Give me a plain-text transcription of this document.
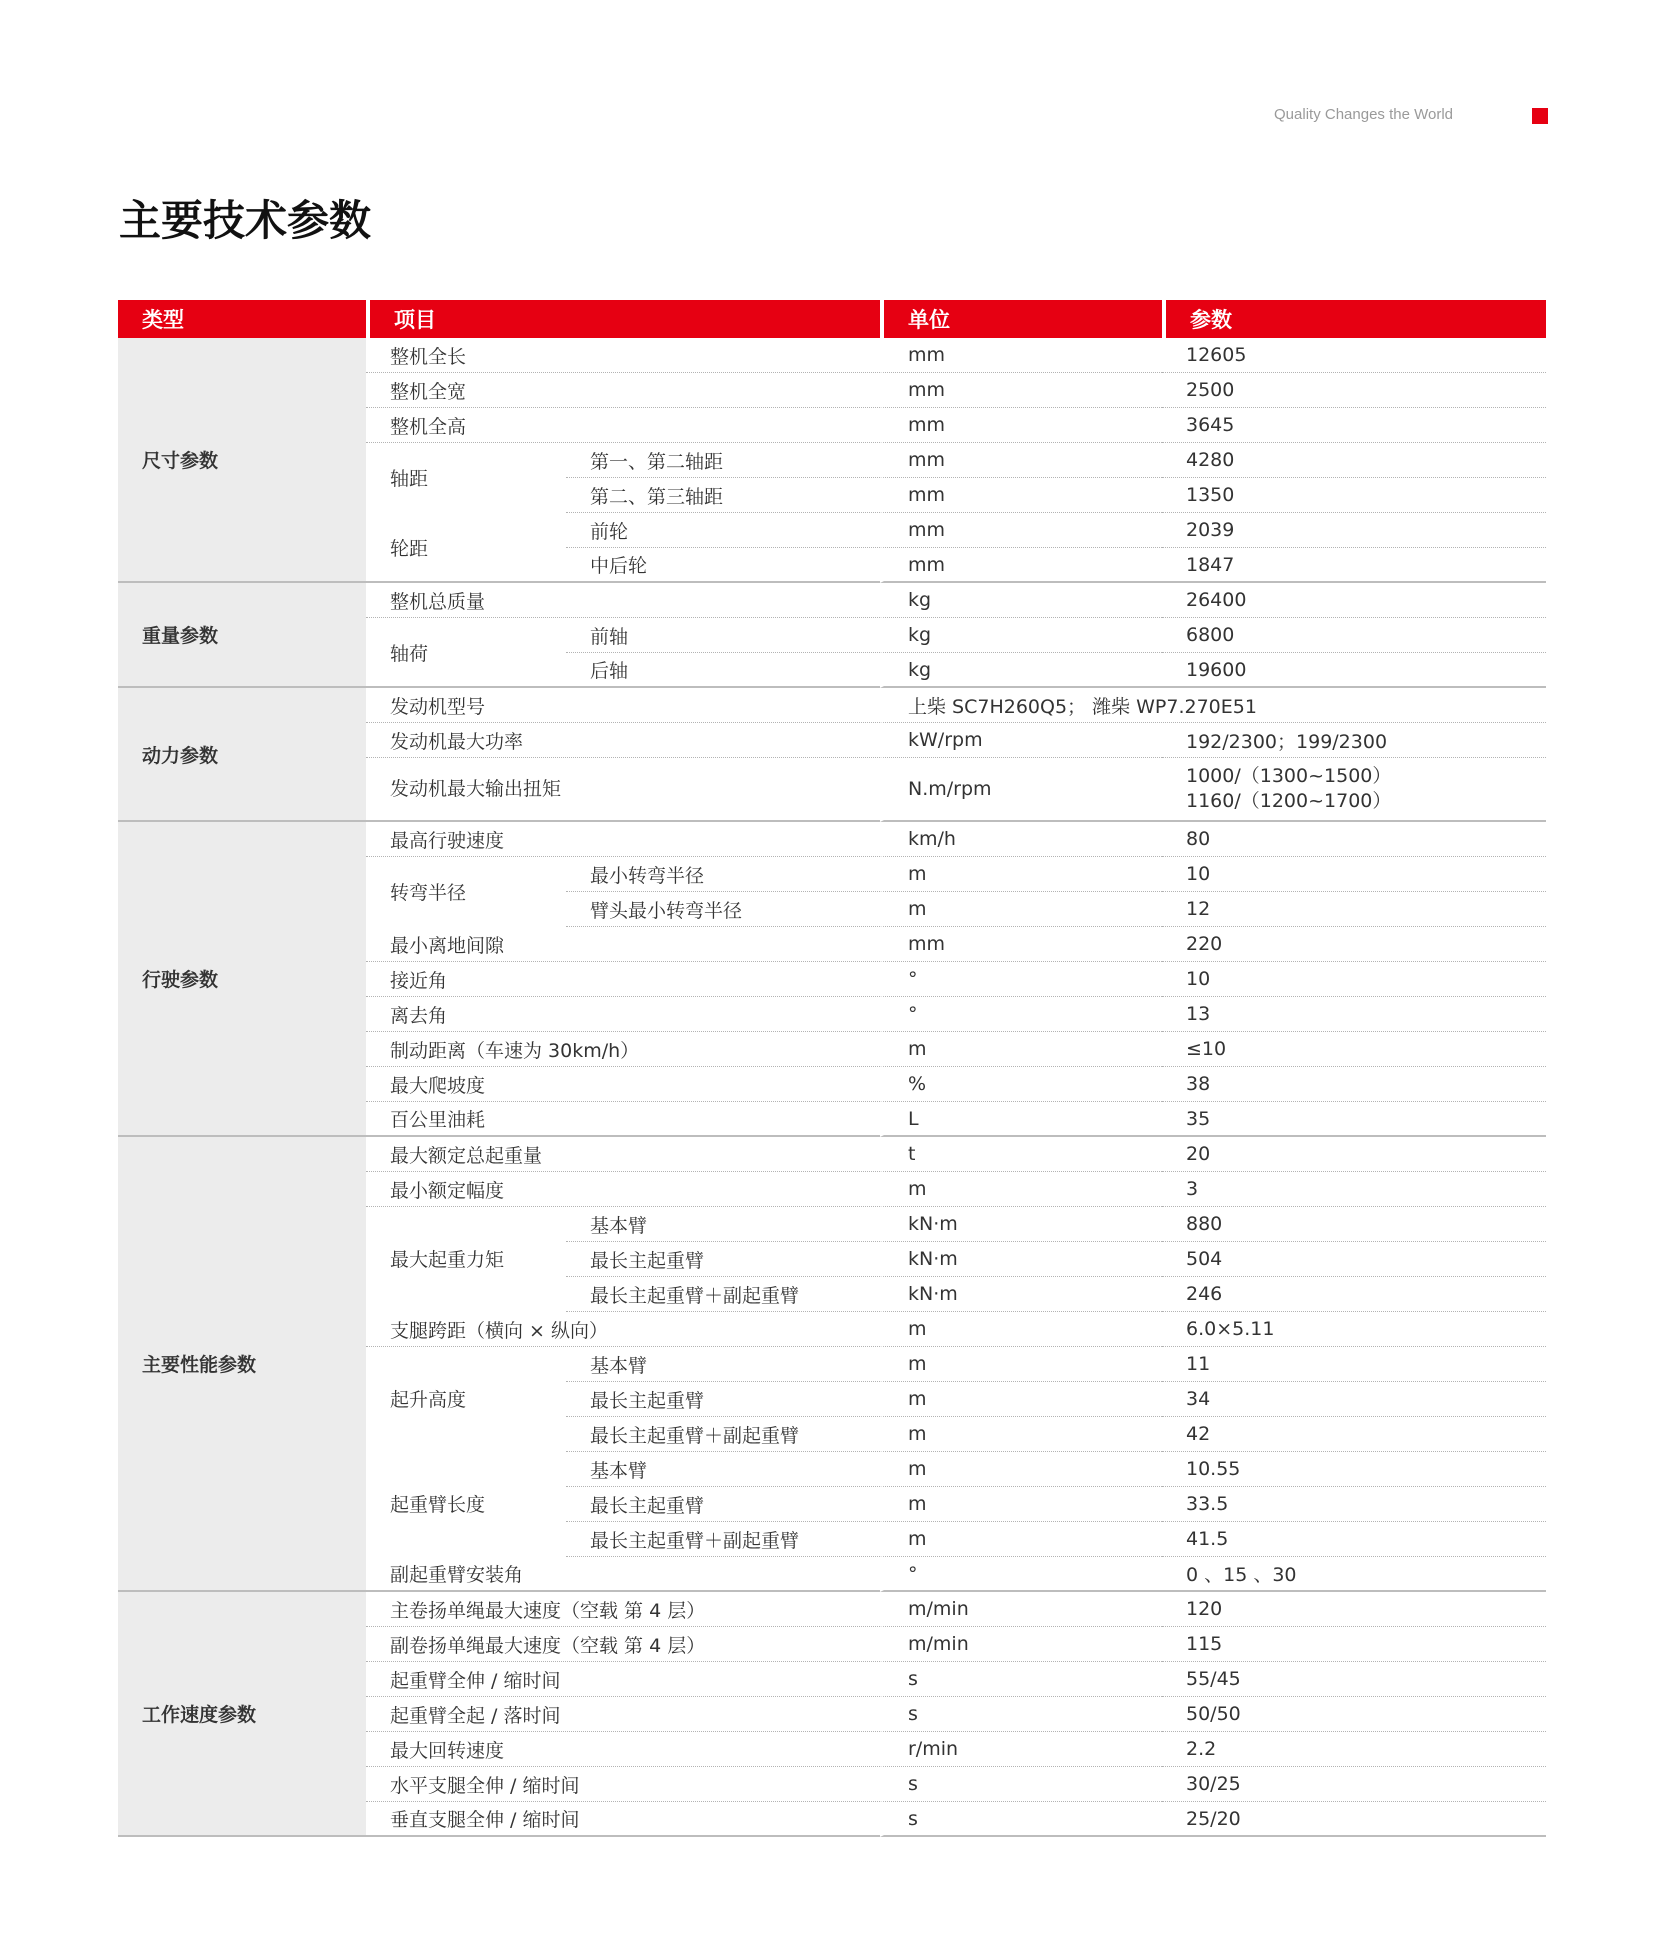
Quality Changes the World
主要技术参数
类型	项目		单位	参数
尺寸参数	整机全长		mm	12605
	整机全宽		mm	2500
	整机全高		mm	3645
	轴距	第一、第二轴距	mm	4280
		第二、第三轴距	mm	1350
	轮距	前轮	mm	2039
		中后轮	mm	1847
重量参数	整机总质量		kg	26400
	轴荷	前轴	kg	6800
		后轴	kg	19600
动力参数	发动机型号		上柴 SC7H260Q5； 潍柴 WP7.270E51	
	发动机最大功率		kW/rpm	192/2300；199/2300
	发动机最大输出扭矩		N.m/rpm	1000/（1300~1500）
1160/（1200~1700）

行驶参数	最高行驶速度		km/h	80
	转弯半径	最小转弯半径	m	10
		臂头最小转弯半径	m	12
	最小离地间隙		mm	220
	接近角		°	10
	离去角		°	13
	制动距离（车速为 30km/h）		m	≤10
	最大爬坡度		%	38
	百公里油耗		L	35
主要性能参数	最大额定总起重量		t	20
	最小额定幅度		m	3
	最大起重力矩	基本臂	kN·m	880
		最长主起重臂	kN·m	504
		最长主起重臂＋副起重臂	kN·m	246
	支腿跨距（横向 × 纵向）		m	6.0×5.11
	起升高度	基本臂	m	11
		最长主起重臂	m	34
		最长主起重臂＋副起重臂	m	42
	起重臂长度	基本臂	m	10.55
		最长主起重臂	m	33.5
		最长主起重臂＋副起重臂	m	41.5
	副起重臂安装角		°	0 、15 、30
工作速度参数	主卷扬单绳最大速度（空载 第 4 层）		m/min	120
	副卷扬单绳最大速度（空载 第 4 层）		m/min	115
	起重臂全伸 / 缩时间		s	55/45
	起重臂全起 / 落时间		s	50/50
	最大回转速度		r/min	2.2
	水平支腿全伸 / 缩时间		s	30/25
	垂直支腿全伸 / 缩时间		s	25/20
